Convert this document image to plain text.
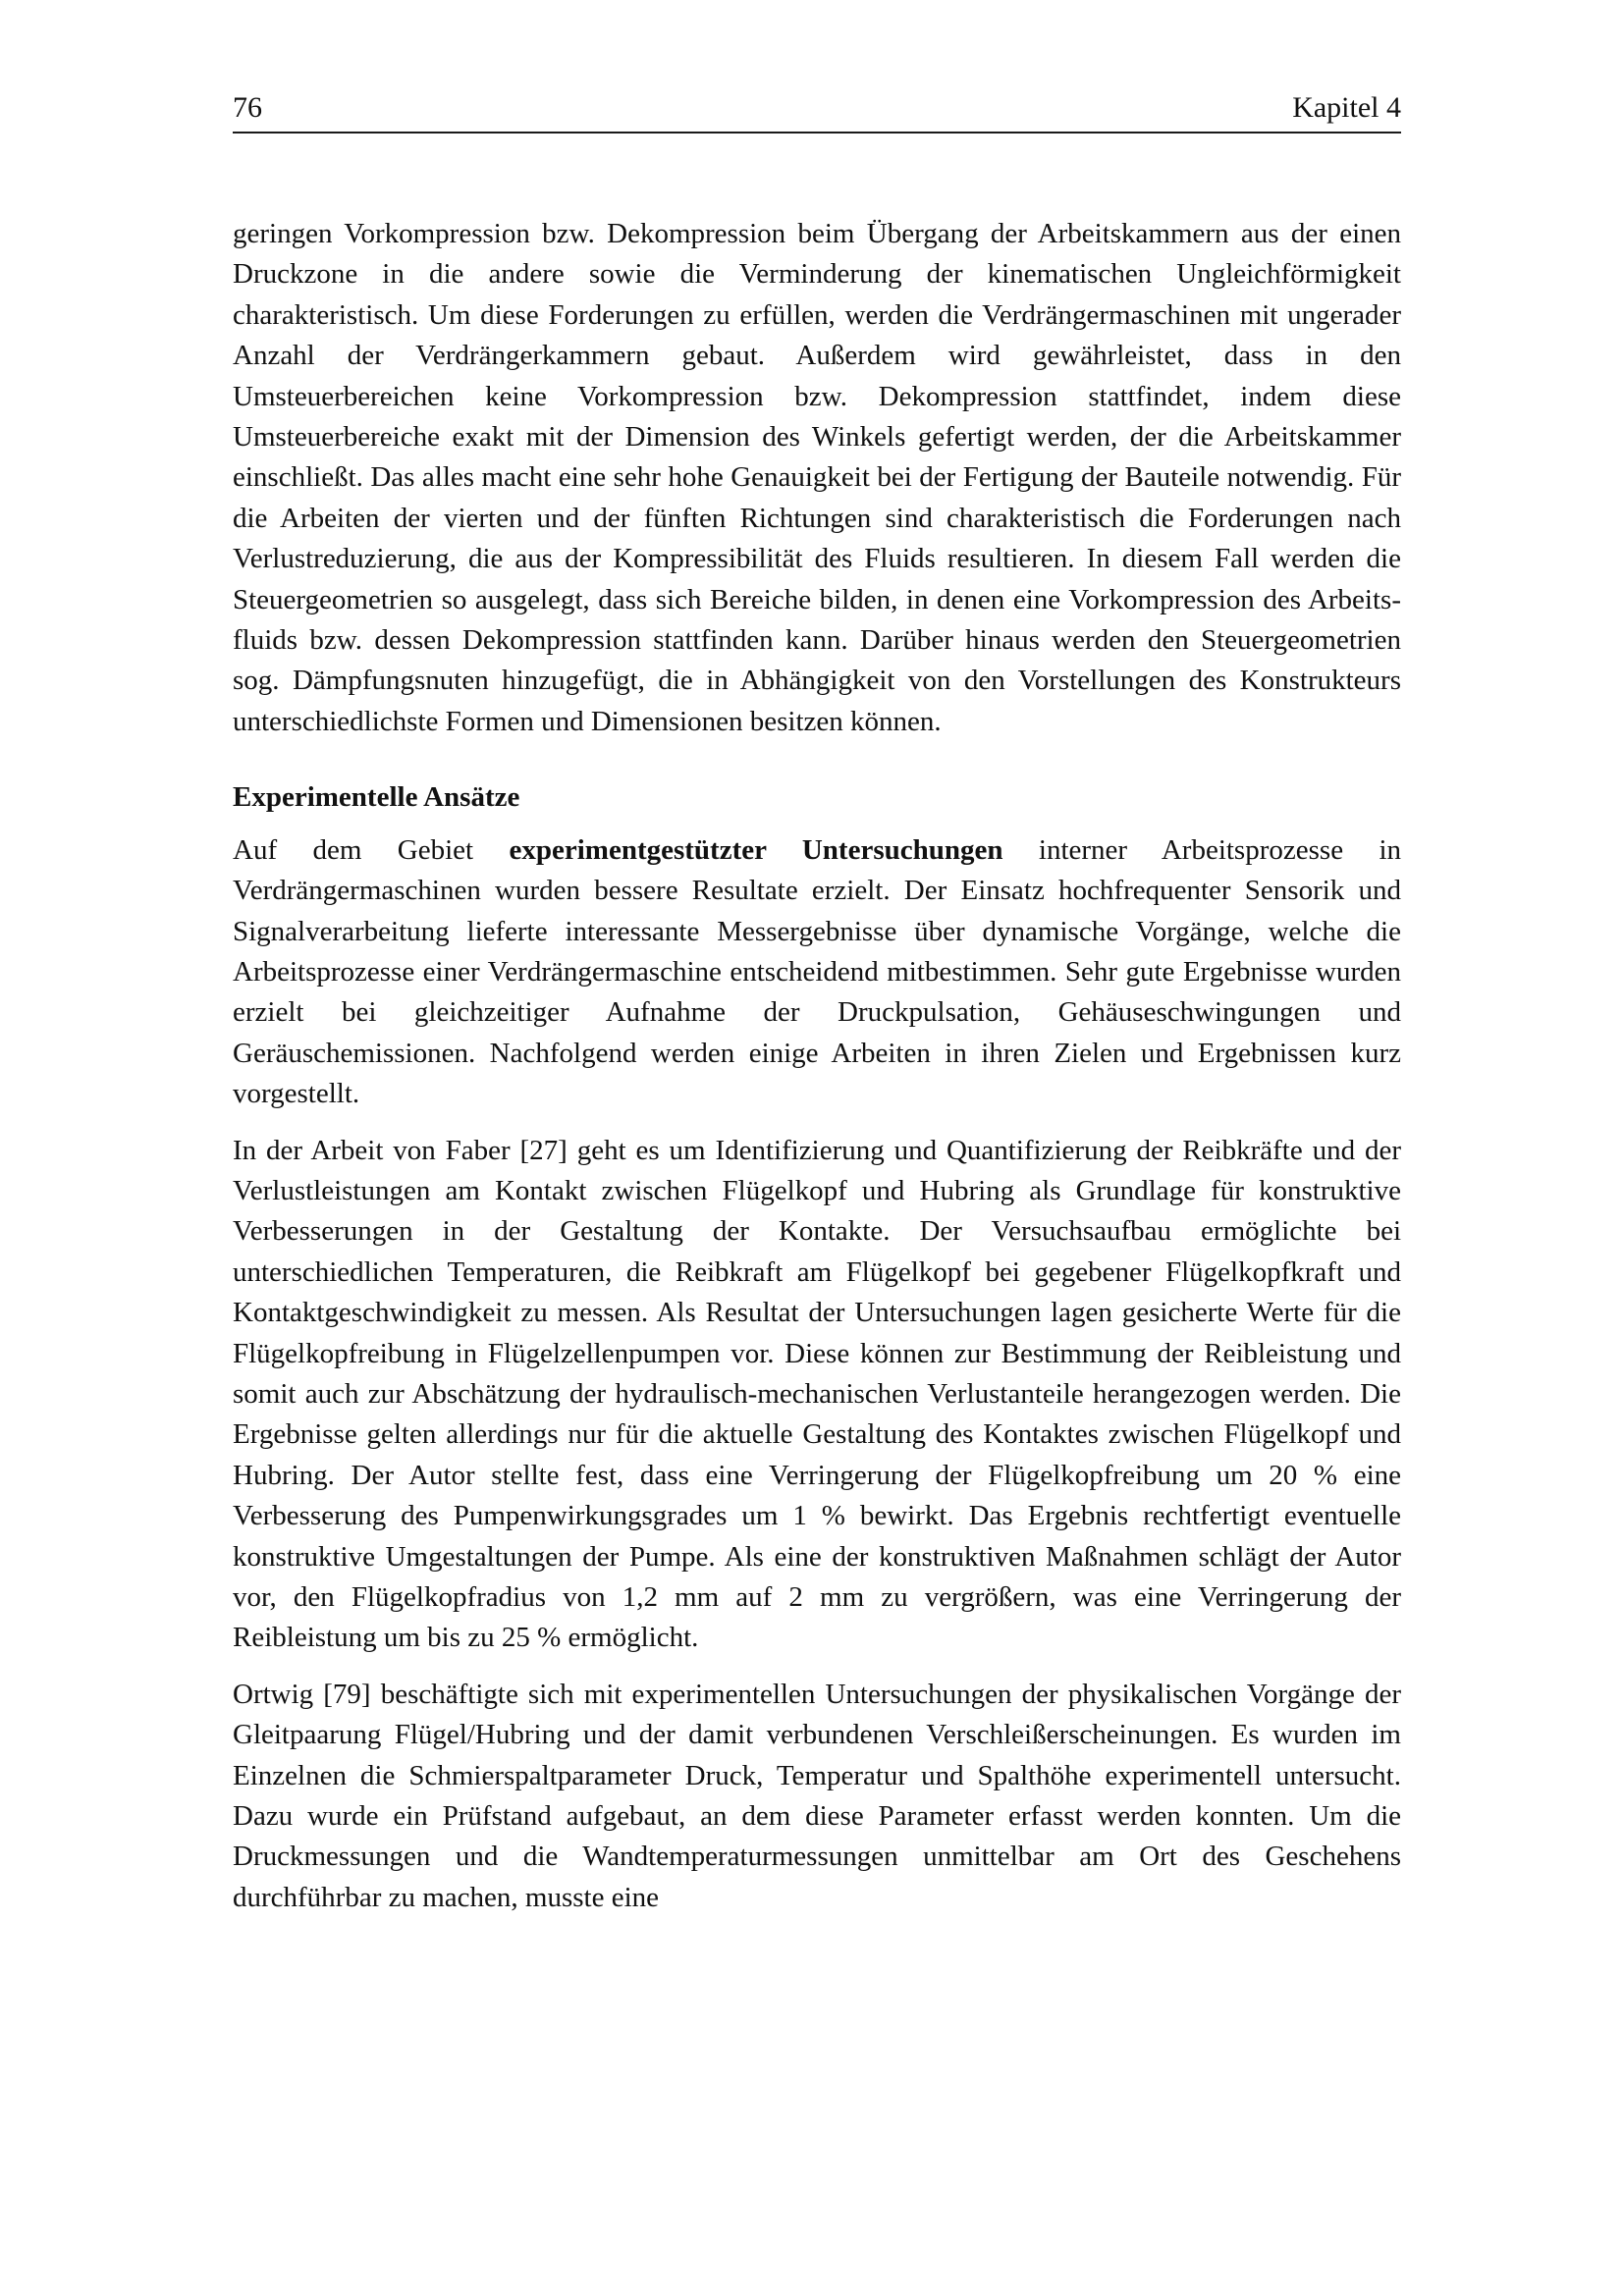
76	Kapitel 4

geringen Vorkompression bzw. Dekompression beim Übergang der Arbeitskammern aus der einen Druckzone in die andere sowie die Verminderung der kinematischen Ungleichförmigkeit charakteristisch. Um diese Forderungen zu erfüllen, werden die Verdrängermaschinen mit ungerader Anzahl der Verdrängerkammern gebaut. Außerdem wird gewährleistet, dass in den Umsteuerbereichen keine Vorkompression bzw. Dekompression stattfindet, indem diese Umsteuerbereiche exakt mit der Dimension des Winkels gefertigt werden, der die Arbeitskammer einschließt. Das alles macht eine sehr hohe Genauigkeit bei der Fertigung der Bauteile notwendig. Für die Arbeiten der vierten und der fünften Richtungen sind charakteristisch die Forderungen nach Verlustreduzierung, die aus der Kompressibilität des Fluids resultieren. In diesem Fall werden die Steuergeometrien so ausgelegt, dass sich Bereiche bilden, in denen eine Vorkompression des Arbeitsfluids bzw. dessen Dekompression stattfinden kann. Darüber hinaus werden den Steuergeometrien sog. Dämpfungsnuten hinzugefügt, die in Abhängigkeit von den Vorstellungen des Konstrukteurs unterschiedlichste Formen und Dimensionen besitzen können.

Experimentelle Ansätze

Auf dem Gebiet experimentgestützter Untersuchungen interner Arbeitsprozesse in Verdrängermaschinen wurden bessere Resultate erzielt. Der Einsatz hochfrequenter Sensorik und Signalverarbeitung lieferte interessante Messergebnisse über dynamische Vorgänge, welche die Arbeitsprozesse einer Verdrängermaschine entscheidend mitbestimmen. Sehr gute Ergebnisse wurden erzielt bei gleichzeitiger Aufnahme der Druckpulsation, Gehäuseschwingungen und Geräuschemissionen. Nachfolgend werden einige Arbeiten in ihren Zielen und Ergebnissen kurz vorgestellt.

In der Arbeit von Faber [27] geht es um Identifizierung und Quantifizierung der Reibkräfte und der Verlustleistungen am Kontakt zwischen Flügelkopf und Hubring als Grundlage für konstruktive Verbesserungen in der Gestaltung der Kontakte. Der Versuchsaufbau ermöglichte bei unterschiedlichen Temperaturen, die Reibkraft am Flügelkopf bei gegebener Flügelkopfkraft und Kontaktgeschwindigkeit zu messen. Als Resultat der Untersuchungen lagen gesicherte Werte für die Flügelkopfreibung in Flügelzellenpumpen vor. Diese können zur Bestimmung der Reibleistung und somit auch zur Abschätzung der hydraulisch-mechanischen Verlustanteile herangezogen werden. Die Ergebnisse gelten allerdings nur für die aktuelle Gestaltung des Kontaktes zwischen Flügelkopf und Hubring. Der Autor stellte fest, dass eine Verringerung der Flügelkopfreibung um 20 % eine Verbesserung des Pumpenwirkungsgrades um 1 % bewirkt. Das Ergebnis rechtfertigt eventuelle konstruktive Umgestaltungen der Pumpe. Als eine der konstruktiven Maßnahmen schlägt der Autor vor, den Flügelkopfradius von 1,2 mm auf 2 mm zu vergrößern, was eine Verringerung der Reibleistung um bis zu 25 % ermöglicht.

Ortwig [79] beschäftigte sich mit experimentellen Untersuchungen der physikalischen Vorgänge der Gleitpaarung Flügel/Hubring und der damit verbundenen Verschleißerscheinungen. Es wurden im Einzelnen die Schmierspaltparameter Druck, Temperatur und Spalthöhe experimentell untersucht. Dazu wurde ein Prüfstand aufgebaut, an dem diese Parameter erfasst werden konnten. Um die Druckmessungen und die Wandtemperaturmessungen unmittelbar am Ort des Geschehens durchführbar zu machen, musste eine
